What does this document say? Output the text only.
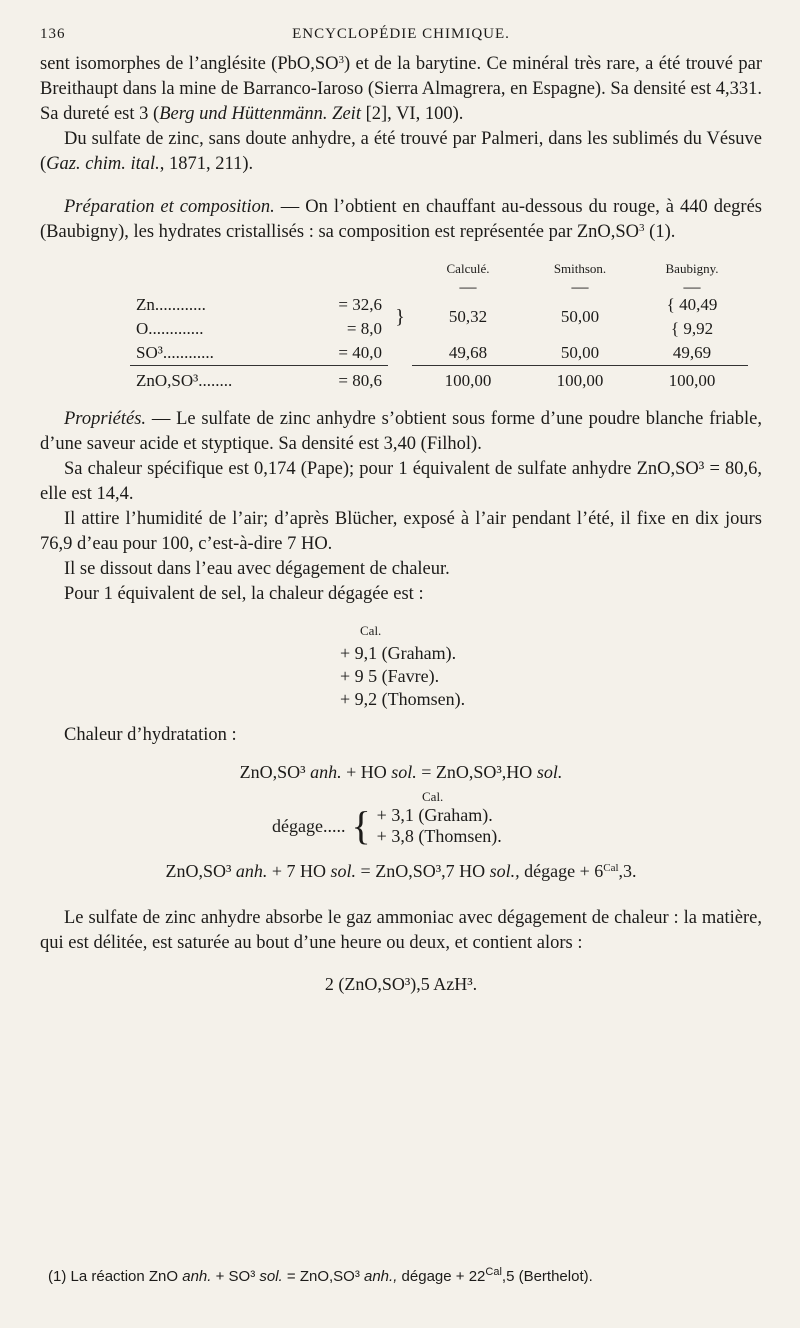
136	ENCYCLOPÉDIE CHIMIQUE.

sent isomorphes de l’anglésite $(PbO,SO^3)$ et de la barytine. Ce minéral très rare, a été trouvé par Breithaupt dans la mine de Barranco-Iaroso (Sierra Almagrera, en Espagne). Sa densité est 4,331. Sa dureté est 3 (Berg und Hüttenmänn. Zeit [2], VI, 100).

Du sulfate de zinc, sans doute anhydre, a été trouvé par Palmeri, dans les sublimés du Vésuve (Gaz. chim. ital., 1871, 211).

Préparation et composition. — On l’obtient en chauffant au-dessous du rouge, à 440 degrés (Baubigny), les hydrates cristallisés : sa composition est représentée par $ZnO,SO^3$ (1).

			Calculé.	Smithson.	Baubigny.
			—	—	—
Zn............	= 32,6	}	50,32	50,00	{ 40,49
O.............	= 8,0				{ 9,92
SO³............	= 40,0		49,68	50,00	49,69
ZnO,SO³........	= 80,6		100,00	100,00	100,00

Propriétés. — Le sulfate de zinc anhydre s’obtient sous forme d’une poudre blanche friable, d’une saveur acide et styptique. Sa densité est 3,40 (Filhol).

Sa chaleur spécifique est 0,174 (Pape); pour 1 équivalent de sulfate anhydre ZnO,SO³ = 80,6, elle est 14,4.

Il attire l’humidité de l’air; d’après Blücher, exposé à l’air pendant l’été, il fixe en dix jours 76,9 d’eau pour 100, c’est-à-dire 7 HO.

Il se dissout dans l’eau avec dégagement de chaleur.

Pour 1 équivalent de sel, la chaleur dégagée est :

Cal.
+ 9,1 (Graham).
+ 9 5 (Favre).
+ 9,2 (Thomsen).

Chaleur d’hydratation :

ZnO,SO³ anh. + HO sol. = ZnO,SO³,HO sol.
Cal.
dégage..... { + 3,1 (Graham).
+ 3,8 (Thomsen).
ZnO,SO³ anh. + 7 HO sol. = ZnO,SO³,7 HO sol., dégage + $6^{Cal},3$.

Le sulfate de zinc anhydre absorbe le gaz ammoniac avec dégagement de chaleur : la matière, qui est délitée, est saturée au bout d’une heure ou deux, et contient alors :

2 (ZnO,SO³),5 AzH³.
(1) La réaction ZnO anh. + SO³ sol. = ZnO,SO³ anh., dégage + $22^{Cal},5$ (Berthelot).
